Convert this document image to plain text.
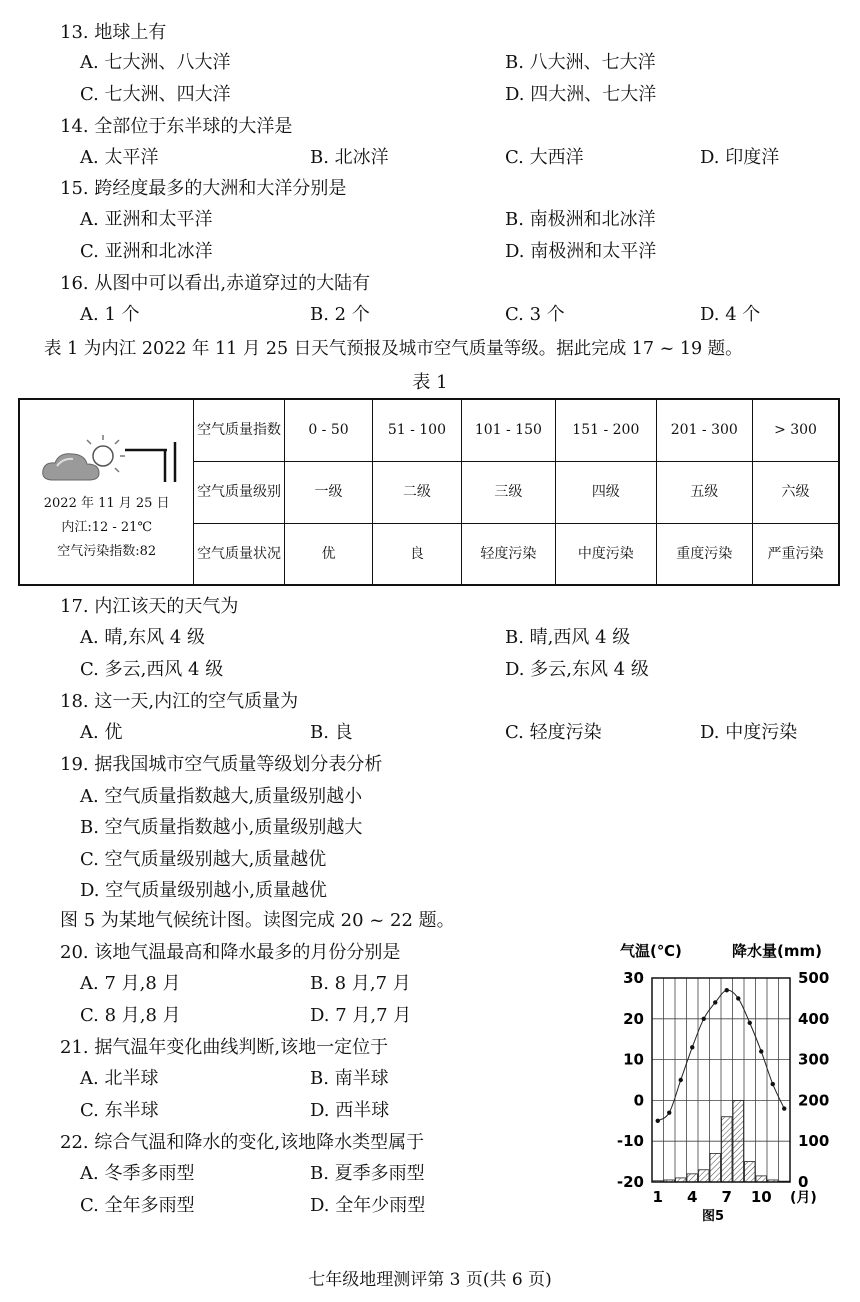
13. 地球上有
A. 七大洲、八大洋	B. 八大洲、七大洋
C. 七大洲、四大洋	D. 四大洲、七大洋
14. 全部位于东半球的大洋是
A. 太平洋	B. 北冰洋	C. 大西洋	D. 印度洋
15. 跨经度最多的大洲和大洋分别是
A. 亚洲和太平洋	B. 南极洲和北冰洋
C. 亚洲和北冰洋	D. 南极洲和太平洋
16. 从图中可以看出,赤道穿过的大陆有
A. 1 个	B. 2 个	C. 3 个	D. 4 个
表 1 为内江 2022 年 11 月 25 日天气预报及城市空气质量等级。据此完成 17 ~ 19 题。
表 1
2022 年 11 月 25 日
内江:12 - 21℃
空气污染指数:82	空气质量指数	0 - 50	51 - 100	101 - 150	151 - 200	201 - 300	> 300
	空气质量级别	一级	二级	三级	四级	五级	六级
	空气质量状况	优	良	轻度污染	中度污染	重度污染	严重污染
17. 内江该天的天气为
A. 晴,东风 4 级	B. 晴,西风 4 级
C. 多云,西风 4 级	D. 多云,东风 4 级
18. 这一天,内江的空气质量为
A. 优	B. 良	C. 轻度污染	D. 中度污染
19. 据我国城市空气质量等级划分表分析
A. 空气质量指数越大,质量级别越小
B. 空气质量指数越小,质量级别越大
C. 空气质量级别越大,质量越优
D. 空气质量级别越小,质量越优
图 5 为某地气候统计图。读图完成 20 ~ 22 题。
20. 该地气温最高和降水最多的月份分别是
A. 7 月,8 月	B. 8 月,7 月
C. 8 月,8 月	D. 7 月,7 月
21. 据气温年变化曲线判断,该地一定位于
A. 北半球	B. 南半球
C. 东半球	D. 西半球
22. 综合气温和降水的变化,该地降水类型属于
A. 冬季多雨型	B. 夏季多雨型
C. 全年多雨型	D. 全年少雨型
气温(℃)	降水量(mm)
30
20
10
0
-10
-20
500
400
300
200
100
0
1 4 7 10 (月)
图5
七年级地理测评第 3 页(共 6 页)
